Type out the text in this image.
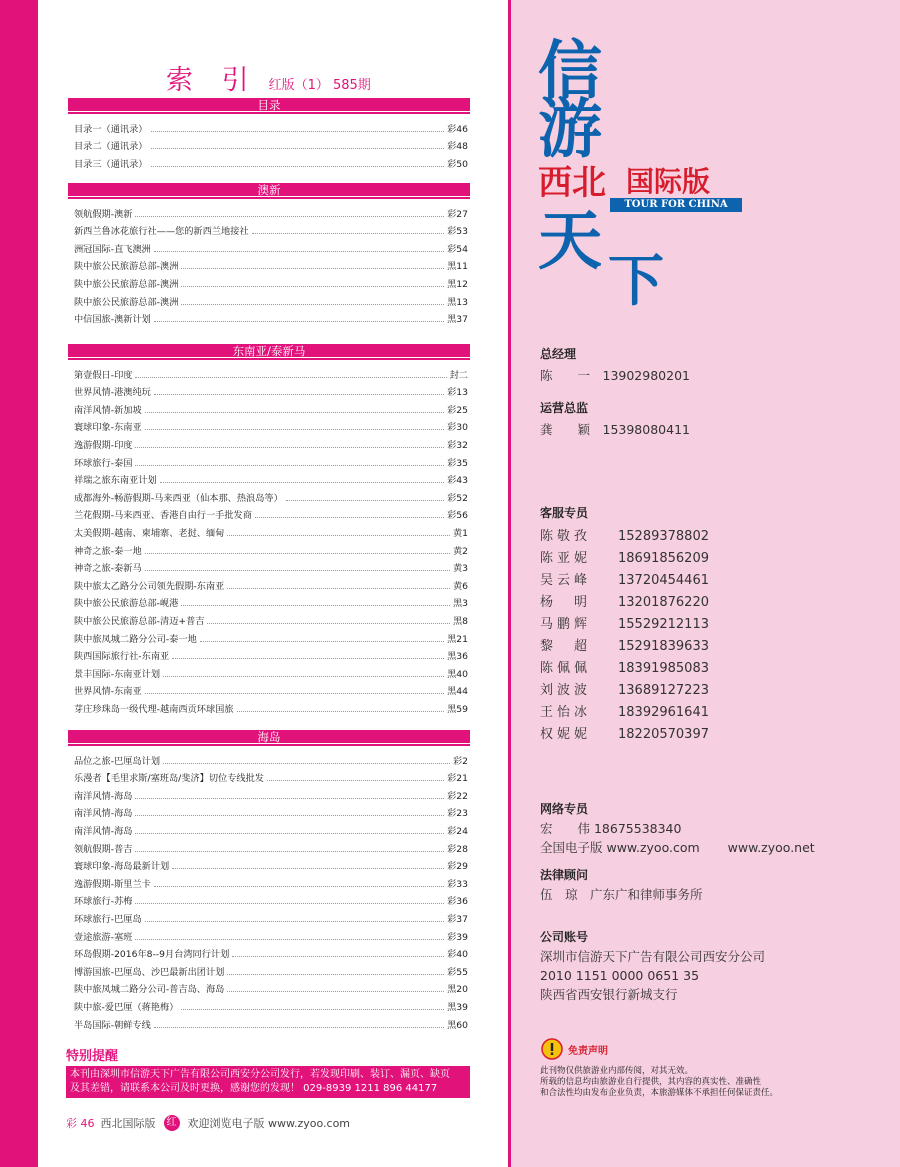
索 引 红版（1） 585期
目录
目录一（通讯录）	彩46
目录二（通讯录）	彩48
目录三（通讯录）	彩50
澳新
领航假期-澳新	彩27
新西兰鲁冰花旅行社——您的新西兰地接社	彩53
洲冠国际-直飞澳洲	彩54
陕中旅公民旅游总部-澳洲	黑11
陕中旅公民旅游总部-澳洲	黑12
陕中旅公民旅游总部-澳洲	黑13
中信国旅-澳新计划	黑37
东南亚/泰新马
第壹假日-印度	封二
世界风情-港澳纯玩	彩13
南洋风情-新加坡	彩25
寰球印象-东南亚	彩30
逸游假期-印度	彩32
环球旅行-泰国	彩35
祥瑞之旅东南亚计划	彩43
成都海外-畅游假期-马来西亚（仙本那、热浪岛等）	彩52
兰花假期-马来西亚、香港自由行一手批发商	彩56
太美假期-越南、柬埔寨、老挝、缅甸	黄1
神奇之旅-泰一地	黄2
神奇之旅-泰新马	黄3
陕中旅太乙路分公司领先假期-东南亚	黄6
陕中旅公民旅游总部-岘港	黑3
陕中旅公民旅游总部-清迈+普吉	黑8
陕中旅凤城二路分公司-泰一地	黑21
陕西国际旅行社-东南亚	黑36
景丰国际-东南亚计划	黑40
世界风情-东南亚	黑44
芽庄珍珠岛一级代理-越南西贡环球国旅	黑59
海岛
品位之旅-巴厘岛计划	彩2
乐漫者【毛里求斯/塞班岛/斐济】切位专线批发	彩21
南洋风情-海岛	彩22
南洋风情-海岛	彩23
南洋风情-海岛	彩24
领航假期-普吉	彩28
寰球印象-海岛最新计划	彩29
逸游假期-斯里兰卡	彩33
环球旅行-苏梅	彩36
环球旅行-巴厘岛	彩37
壹途旅游-塞班	彩39
环岛假期-2016年8--9月台湾同行计划	彩40
博游国旅-巴厘岛、沙巴最新出团计划	彩55
陕中旅凤城二路分公司-普吉岛、海岛	黑20
陕中旅-爱巴厘（蒋艳梅）	黑39
半岛国际-朝鲜专线	黑60
特别提醒
本刊由深圳市信游天下广告有限公司西安分公司发行，若发现印刷、装订、漏页、缺页
及其差错，请联系本公司及时更换，感谢您的发现！ 029-8939 1211 896 44177
彩 46 西北国际版	红 欢迎浏览电子版 www.zyoo.com
信
游
西北 国际版
TOUR FOR CHINA
天
下
总经理
陈　　一　13902980201
运营总监
龚　　颖　15398080411
客服专员
陈敬孜	15289378802
陈亚妮	18691856209
吴云峰	13720454461
杨　明	13201876220
马鹏辉	15529212113
黎　超	15291839633
陈佩佩	18391985083
刘波波	13689127223
王怡冰	18392961641
权妮妮	18220570397
网络专员
宏　　伟 18675538340
全国电子版 www.zyoo.com www.zyoo.net
法律顾问
伍　琼　广东广和律师事务所
公司账号
深圳市信游天下广告有限公司西安分公司
2010 1151 0000 0651 35
陕西省西安银行新城支行
免责声明
此刊物仅供旅游业内部传阅，对其无效。
所载的信息均由旅游业自行提供，其内容的真实性、准确性
和合法性均由发布企业负责，本旅游媒体不承担任何保证责任。
